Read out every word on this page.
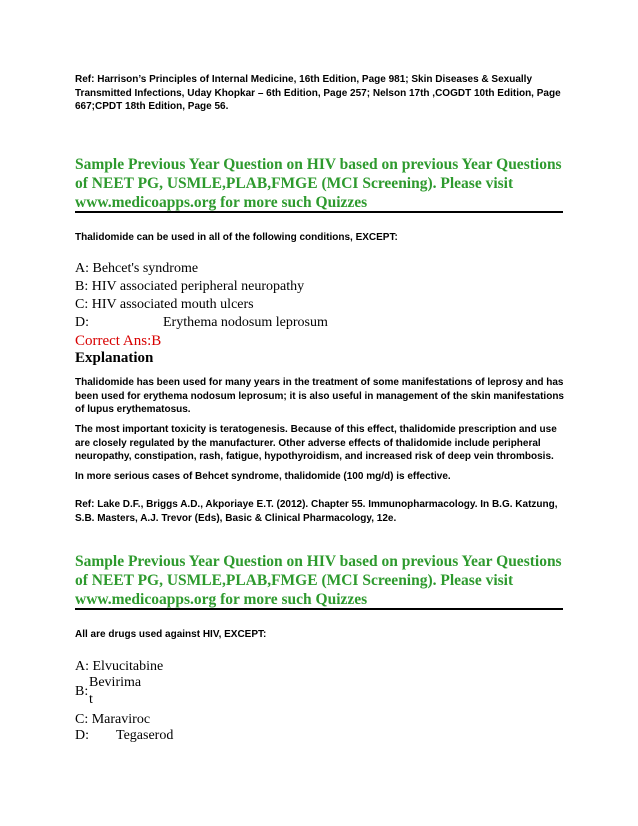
Ref: Harrison’s Principles of Internal Medicine, 16th Edition, Page 981; Skin Diseases & Sexually Transmitted Infections, Uday Khopkar – 6th Edition, Page 257; Nelson 17th ,COGDT 10th Edition, Page 667;CPDT 18th Edition, Page 56.
Sample Previous Year Question on HIV based on previous Year Questions of NEET PG, USMLE,PLAB,FMGE (MCI Screening). Please visit www.medicoapps.org for more such Quizzes
Thalidomide can be used in all of the following conditions, EXCEPT:
A: Behcet's syndrome
B: HIV associated peripheral neuropathy
C: HIV associated mouth ulcers
D:	Erythema nodosum leprosum
Correct Ans:B
Explanation
Thalidomide has been used for many years in the treatment of some manifestations of leprosy and has been used for erythema nodosum leprosum; it is also useful in management of the skin manifestations of lupus erythematosus.
The most important toxicity is teratogenesis. Because of this effect, thalidomide prescription and use are closely regulated by the manufacturer. Other adverse effects of thalidomide include peripheral neuropathy, constipation, rash, fatigue, hypothyroidism, and increased risk of deep vein thrombosis.
In more serious cases of Behcet syndrome, thalidomide (100 mg/d) is effective.
Ref: Lake D.F., Briggs A.D., Akporiaye E.T. (2012). Chapter 55. Immunopharmacology. In B.G. Katzung, S.B. Masters, A.J. Trevor (Eds), Basic & Clinical Pharmacology, 12e.
Sample Previous Year Question on HIV based on previous Year Questions of NEET PG, USMLE,PLAB,FMGE (MCI Screening). Please visit www.medicoapps.org for more such Quizzes
All are drugs used against HIV, EXCEPT:
A: Elvucitabine
B:
Bevirima
t
C: Maraviroc
D: Tegaserod
